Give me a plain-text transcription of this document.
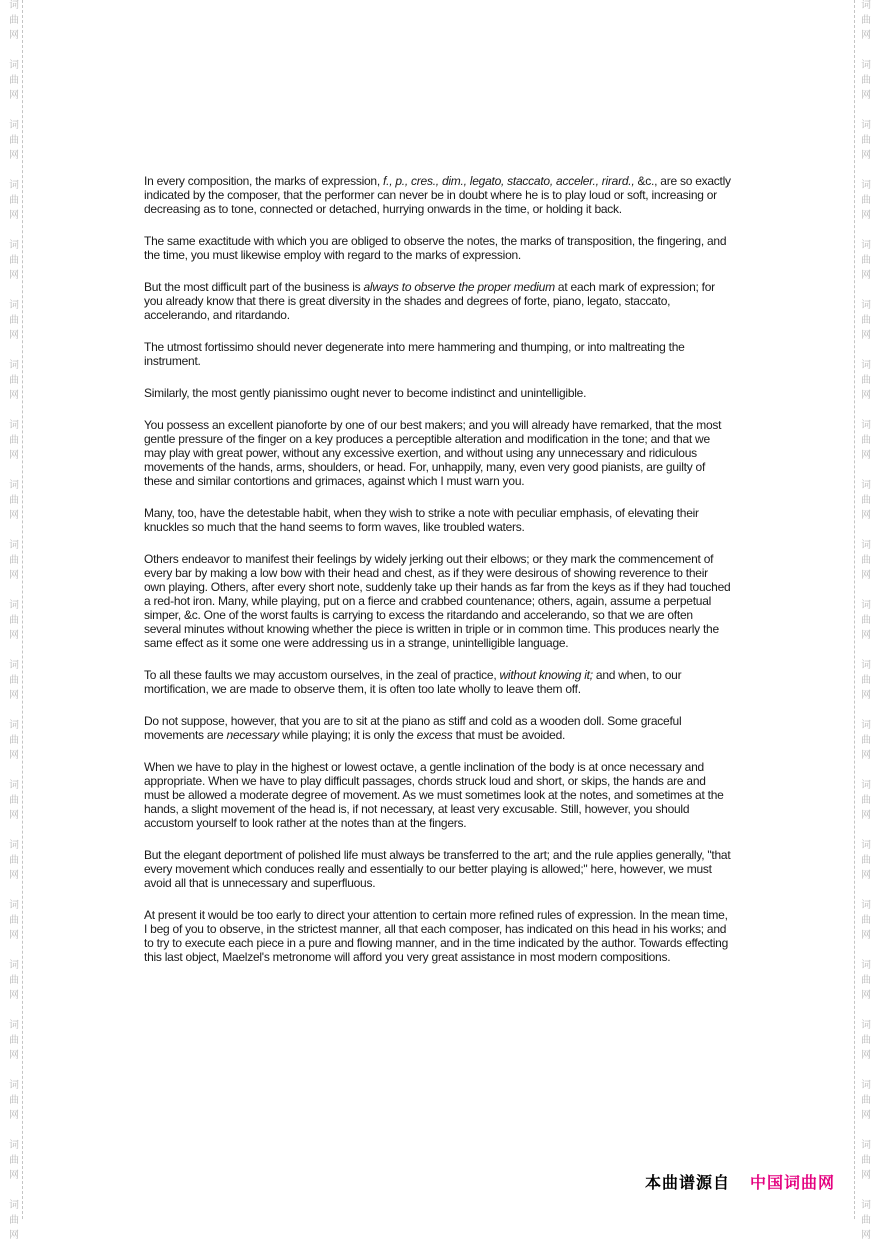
词
曲
网
词
曲
网
词
曲
网
词
曲
网
词
曲
网
词
曲
网
词
曲
网
词
曲
网
词
曲
网
词
曲
网
词
曲
网
词
曲
网
词
曲
网
词
曲
网
词
曲
网
词
曲
网
词
曲
网
词
曲
网
词
曲
网
词
曲
网
词
曲
网
词
曲
网
词
曲
网
词
曲
网
词
曲
网
词
曲
网
词
曲
网
词
曲
网
词
曲
网
词
曲
网
词
曲
网
词
曲
网
词
曲
网
词
曲
网
词
曲
网
词
曲
网
词
曲
网
词
曲
网
词
曲
网
词
曲
网
词
曲
网
词
曲
网

In every composition, the marks of expression, f., p., cres., dim., legato, staccato, acceler., rirard., &c., are so exactly indicated by the composer, that the performer can never be in doubt where he is to play loud or soft, increasing or decreasing as to tone, connected or detached, hurrying onwards in the time, or holding it back.

The same exactitude with which you are obliged to observe the notes, the marks of transposition, the fingering, and the time, you must likewise employ with regard to the marks of expression.

But the most difficult part of the business is always to observe the proper medium at each mark of expression; for you already know that there is great diversity in the shades and degrees of forte, piano, legato, staccato, accelerando, and ritardando.

The utmost fortissimo should never degenerate into mere hammering and thumping, or into maltreating the instrument.

Similarly, the most gently pianissimo ought never to become indistinct and unintelligible.

You possess an excellent pianoforte by one of our best makers; and you will already have remarked, that the most gentle pressure of the finger on a key produces a perceptible alteration and modification in the tone; and that we may play with great power, without any excessive exertion, and without using any unnecessary and ridiculous movements of the hands, arms, shoulders, or head. For, unhappily, many, even very good pianists, are guilty of these and similar contortions and grimaces, against which I must warn you.

Many, too, have the detestable habit, when they wish to strike a note with peculiar emphasis, of elevating their knuckles so much that the hand seems to form waves, like troubled waters.

Others endeavor to manifest their feelings by widely jerking out their elbows; or they mark the commencement of every bar by making a low bow with their head and chest, as if they were desirous of showing reverence to their own playing. Others, after every short note, suddenly take up their hands as far from the keys as if they had touched a red-hot iron. Many, while playing, put on a fierce and crabbed countenance; others, again, assume a perpetual simper, &c. One of the worst faults is carrying to excess the ritardando and accelerando, so that we are often several minutes without knowing whether the piece is written in triple or in common time. This produces nearly the same effect as it some one were addressing us in a strange, unintelligible language.

To all these faults we may accustom ourselves, in the zeal of practice, without knowing it; and when, to our mortification, we are made to observe them, it is often too late wholly to leave them off.

Do not suppose, however, that you are to sit at the piano as stiff and cold as a wooden doll. Some graceful movements are necessary while playing; it is only the excess that must be avoided.

When we have to play in the highest or lowest octave, a gentle inclination of the body is at once necessary and appropriate. When we have to play difficult passages, chords struck loud and short, or skips, the hands are and must be allowed a moderate degree of movement. As we must sometimes look at the notes, and sometimes at the hands, a slight movement of the head is, if not necessary, at least very excusable. Still, however, you should accustom yourself to look rather at the notes than at the fingers.

But the elegant deportment of polished life must always be transferred to the art; and the rule applies generally, "that every movement which conduces really and essentially to our better playing is allowed;" here, however, we must avoid all that is unnecessary and superfluous.

At present it would be too early to direct your attention to certain more refined rules of expression. In the mean time, I beg of you to observe, in the strictest manner, all that each composer, has indicated on this head in his works; and to try to execute each piece in a pure and flowing manner, and in the time indicated by the author. Towards effecting this last object, Maelzel's metronome will afford you very great assistance in most modern compositions.

本曲谱源自 中国词曲网
